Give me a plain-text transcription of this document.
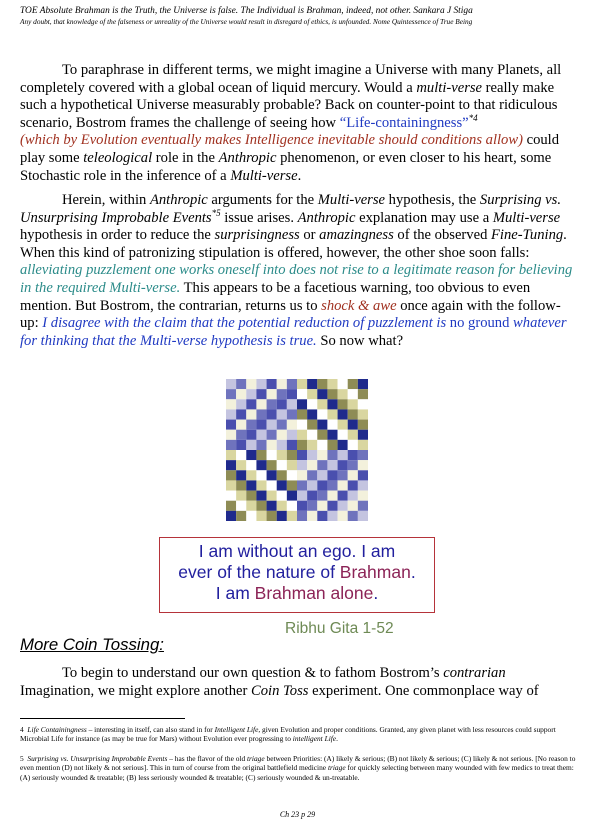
TOE Absolute Brahman is the Truth, the Universe is false. The Individual is Brahman, indeed, not other. Sankara J Stiga
Any doubt, that knowledge of the falseness or unreality of the Universe would result in disregard of ethics, is unfounded. Nome Quintessence of True Being

To paraphrase in different terms, we might imagine a Universe with many Planets, all completely covered with a global ocean of liquid mercury. Would a multi-verse really make such a hypothetical Universe measurably probable? Back on counter-point to that ridiculous scenario, Bostrom frames the challenge of seeing how “Life-containingness”$^{*4}$
(which by Evolution eventually makes Intelligence inevitable should conditions allow) could play some teleological role in the Anthropic phenomenon, or even closer to his heart, some Stochastic role in the inference of a Multi-verse.

Herein, within Anthropic arguments for the Multi-verse hypothesis, the Surprising vs. Unsurprising Improbable Events$^{*5}$ issue arises. Anthropic explanation may use a Multi-verse hypothesis in order to reduce the surprisingness or amazingness of the observed Fine-Tuning. When this kind of patronizing stipulation is offered, however, the other shoe soon falls: alleviating puzzlement one works oneself into does not rise to a legitimate reason for believing in the required Multi-verse. This appears to be a facetious warning, too obvious to even mention. But Bostrom, the contrarian, returns us to shock & awe once again with the follow-up: I disagree with the claim that the potential reduction of puzzlement is no ground whatever for thinking that the Multi-verse hypothesis is true. So now what?

I am without an ego. I am
ever of the nature of Brahman.
I am Brahman alone.
Ribhu Gita 1-52
More Coin Tossing:

To begin to understand our own question & to fathom Bostrom’s contrarian Imagination, we might explore another Coin Toss experiment. One commonplace way of

4 Life Containingness – interesting in itself, can also stand in for Intelligent Life, given Evolution and proper conditions. Granted, any given planet with less resources could support Microbial Life for instance (as may be true for Mars) without Evolution ever progressing to intelligent Life.
5 Surprising vs. Unsurprising Improbable Events – has the flavor of the old triage between Priorities: (A) likely & serious; (B) not likely & serious; (C) likely & not serious. [No reason to even mention (D) not likely & not serious]. This in turn of course from the original battlefield medicine triage for quickly selecting between many wounded with few medics to treat them: (A) seriously wounded & treatable; (B) less seriously wounded & treatable; (C) seriously wounded & un-treatable.
Ch 23 p 29
